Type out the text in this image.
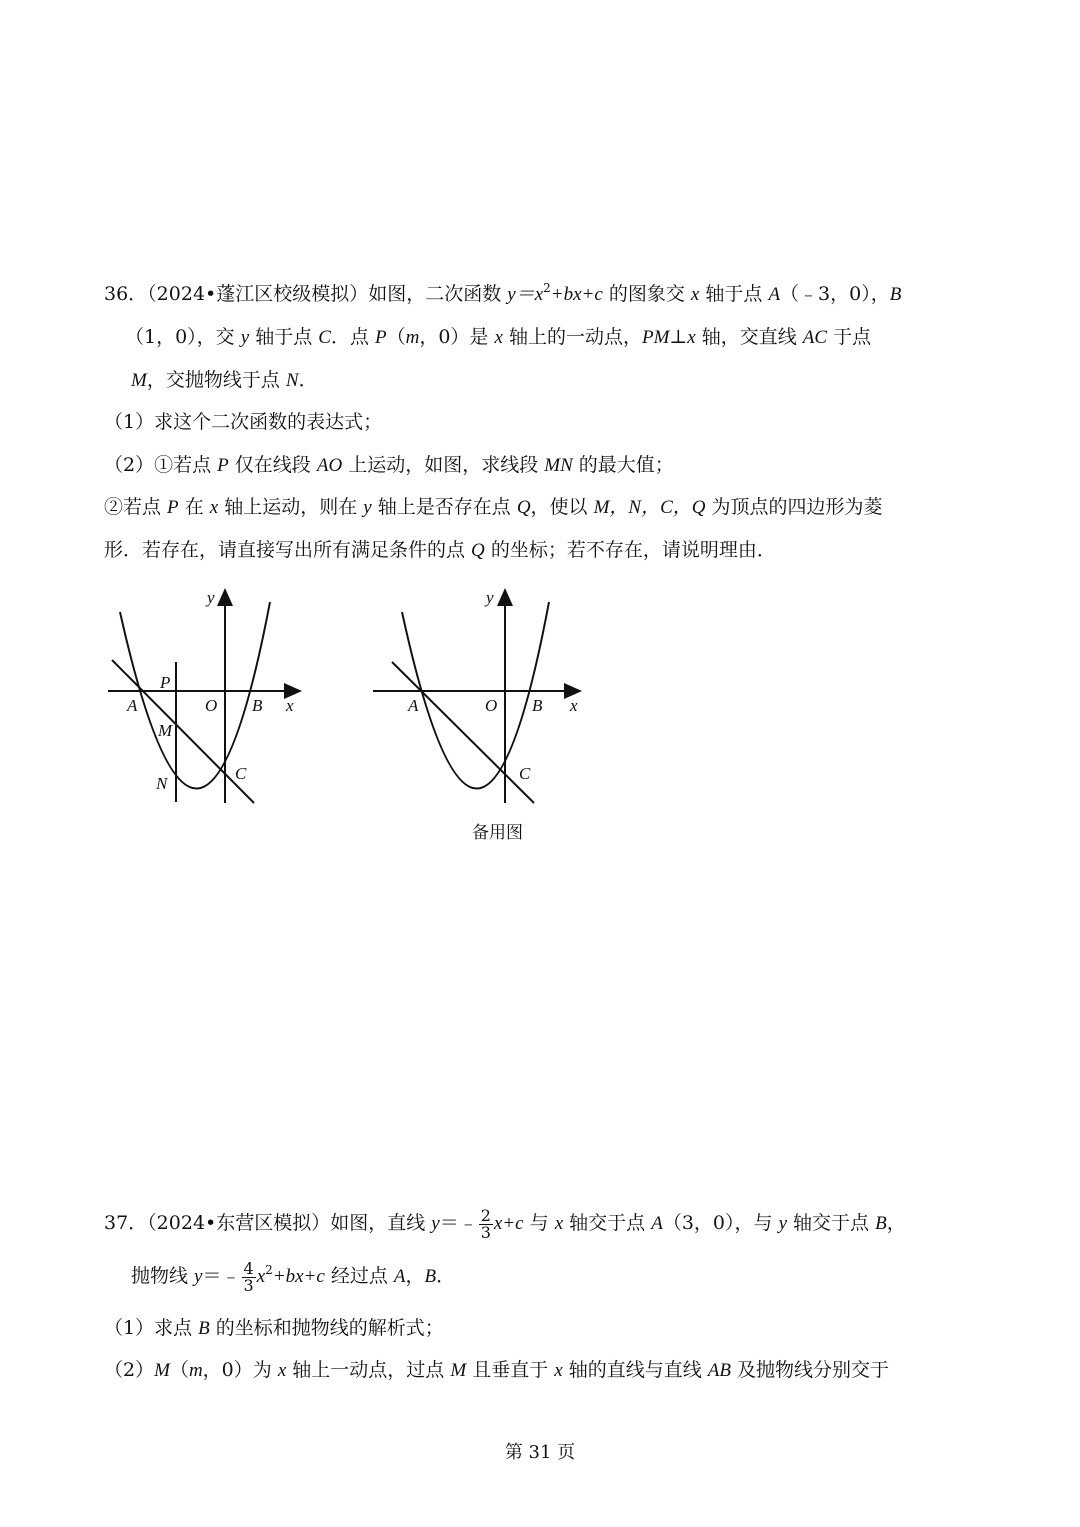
36．（2024•蓬江区校级模拟）如图，二次函数 $y=x^2+bx+c$ 的图象交 x 轴于点 A（﹣3，0），B
（1，0），交 y 轴于点 C．点 P（m，0）是 x 轴上的一动点，PM⊥x 轴，交直线 AC 于点
M，交抛物线于点 N．
（1）求这个二次函数的表达式；
（2）①若点 P 仅在线段 AO 上运动，如图，求线段 MN 的最大值；
②若点 P 在 x 轴上运动，则在 y 轴上是否存在点 Q，使以 M，N，C，Q 为顶点的四边形为菱
形．若存在，请直接写出所有满足条件的点 Q 的坐标；若不存在，请说明理由．
y
P
A	O B x
M
C
N
y
A	O B x
C
备用图
37．（2024•东营区模拟）如图，直线 y＝﹣ $\frac{2}{3} x+c$ 与 x 轴交于点 A（3，0），与 y 轴交于点 B，
抛物线 y＝﹣ $\frac{4}{3} x^2+bx+c$ 经过点 A，B．
（1）求点 B 的坐标和抛物线的解析式；
（2）M（m，0）为 x 轴上一动点，过点 M 且垂直于 x 轴的直线与直线 AB 及抛物线分别交于
第 31 页
